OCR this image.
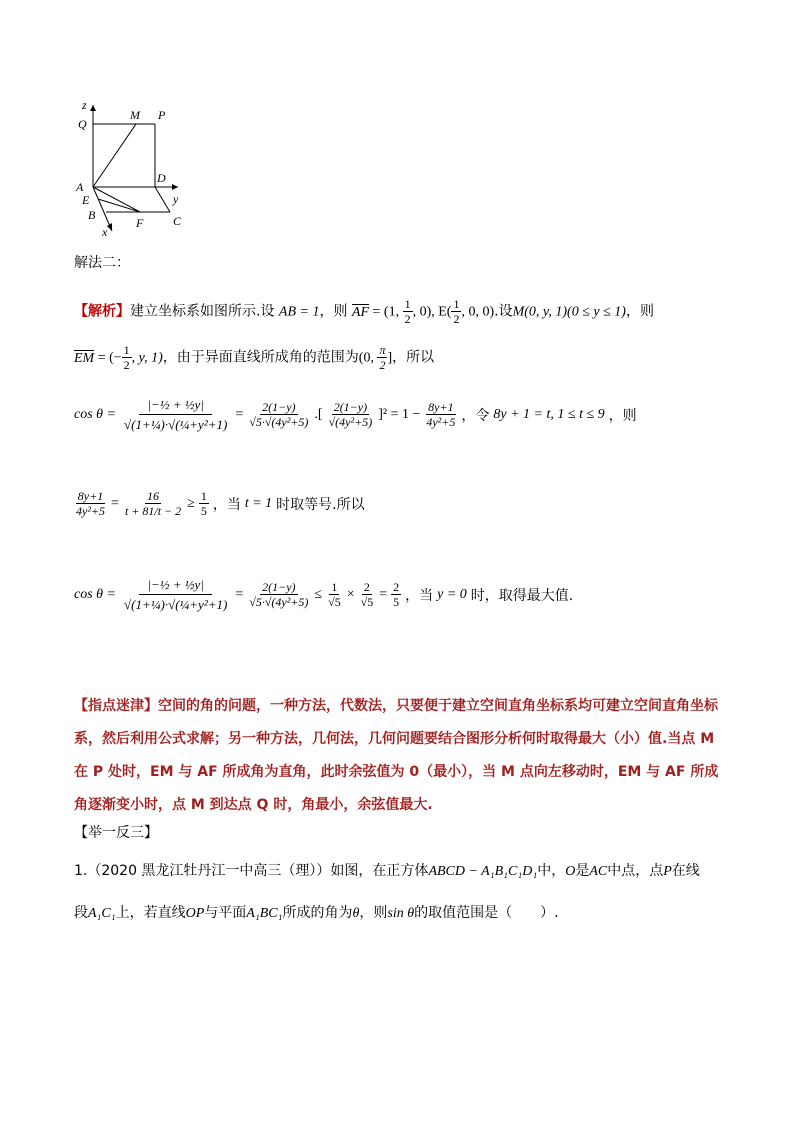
z
Q
M P
A
D
E
B
y
F C
x
解法二：
【解析】建立坐标系如图所示.设 AB = 1，则 AF = (1, $\frac{1}{2}$ , 0), $E( \frac{1}{2}$ , 0, 0).设M(0, y, 1)(0 ≤ y ≤ 1)，则
EM = (− $\frac{1}{2}$ , y, 1)，由于异面直线所成角的范围为(0, $\frac{\pi}{2}$ ]，所以
$\cos \theta = \frac{\text{|−½ + ½y|}}{\text{√(1+¼)·√(¼+y²+1)}} = \frac{2(1-y)}{\text{√5·√(4y²+5)}}$ .[ $\frac{2(1-y)}{\text{√(4y²+5)}} ]^2 = 1 - \frac{8y+1}{\text{4y²+5}}$ ，令 8y + 1 = t, 1 ≤ t ≤ 9 ，则
$\frac{8y+1}{\text{4y²+5}} = \frac{16}{t + 81/t - 2} \ge \frac{1}{5}$ ，当 t = 1 时取等号.所以
$\cos \theta = \frac{\text{|−½ + ½y|}}{\text{√(1+¼)·√(¼+y²+1)}} = \frac{2(1-y)}{\text{√5·√(4y²+5)}} \le \frac{1}{√5} \times \frac{2}{√5} = \frac{2}{5}$ ，当 y = 0 时，取得最大值.
【指点迷津】空间的角的问题，一种方法，代数法，只要便于建立空间直角坐标系均可建立空间直角坐标系，然后利用公式求解；另一种方法，几何法，几何问题要结合图形分析何时取得最大（小）值.当点 M 在 P 处时，EM 与 AF 所成角为直角，此时余弦值为 0（最小），当 M 点向左移动时，EM 与 AF 所成角逐渐变小时，点 M 到达点 Q 时，角最小，余弦值最大.
【举一反三】
1.（2020 黑龙江牡丹江一中高三（理））如图，在正方体ABCD − A₁B₁C₁D₁中，O是AC中点，点P在线
段A₁C₁上，若直线OP与平面A₁BC₁所成的角为θ，则sin θ的取值范围是（　　）.
